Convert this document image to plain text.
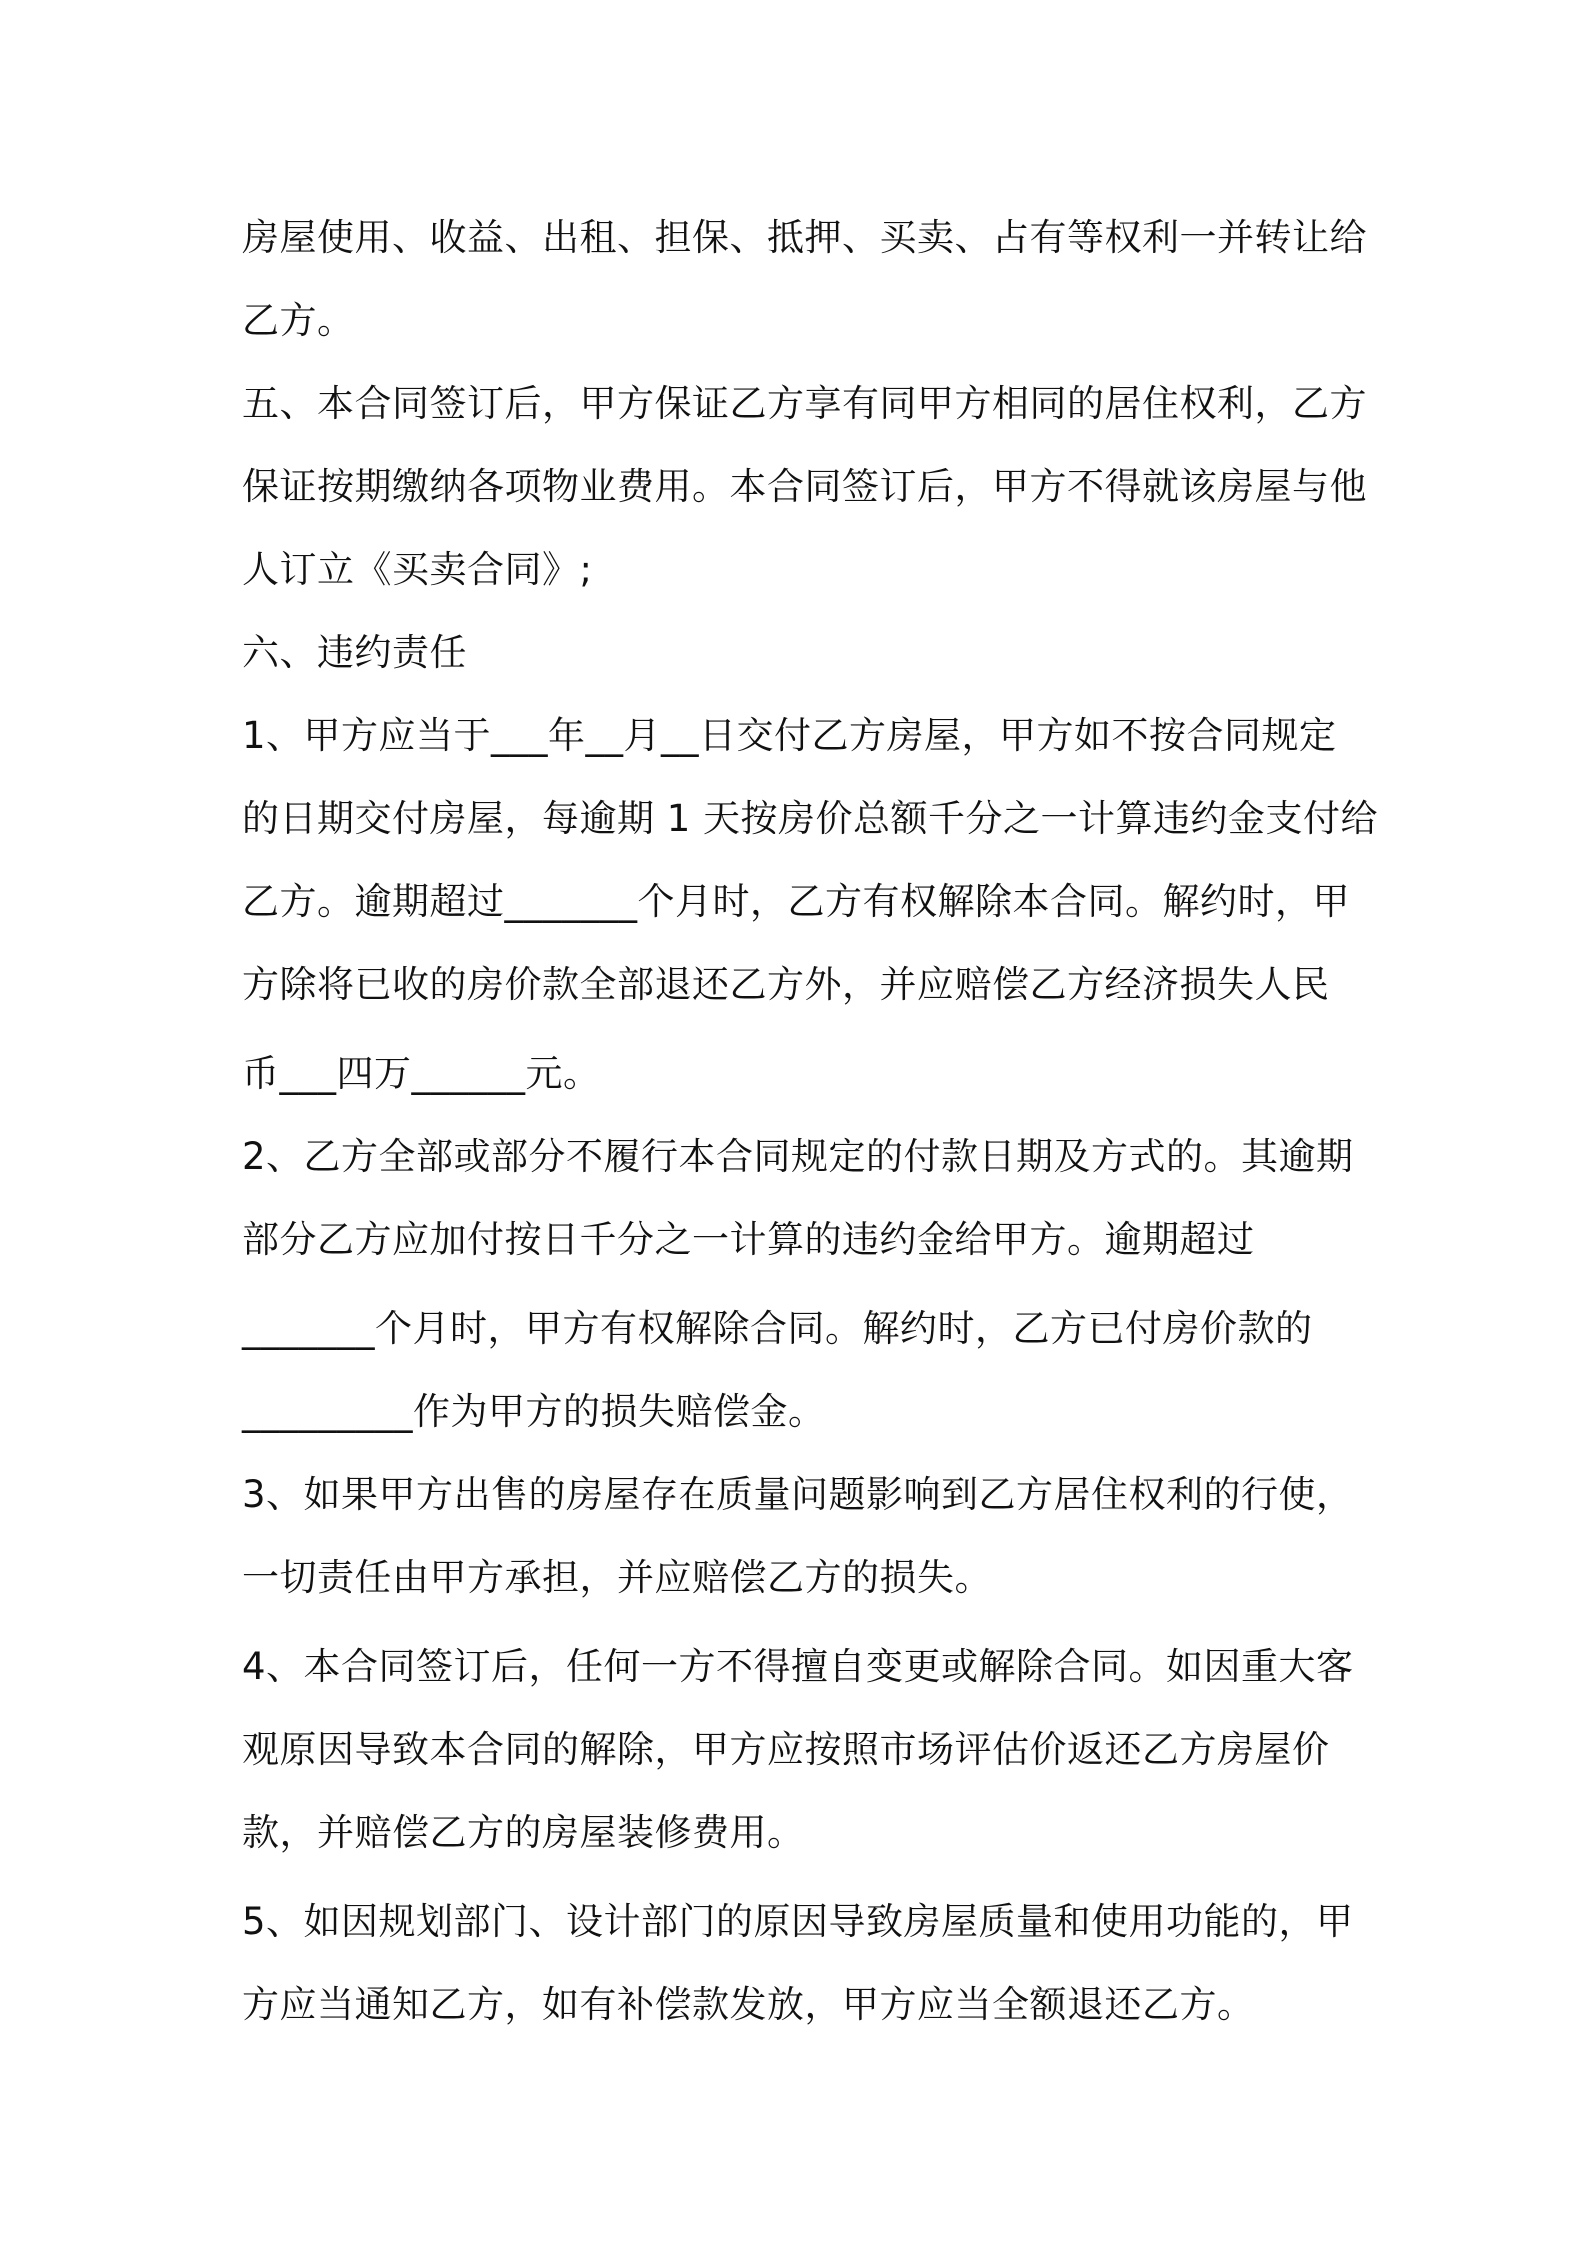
房屋使用、收益、出租、担保、抵押、买卖、占有等权利一并转让给
乙方。
五、本合同签订后，甲方保证乙方享有同甲方相同的居住权利，乙方
保证按期缴纳各项物业费用。本合同签订后，甲方不得就该房屋与他
人订立《买卖合同》;
六、违约责任
1、甲方应当于___年__月__日交付乙方房屋，甲方如不按合同规定
的日期交付房屋，每逾期 1 天按房价总额千分之一计算违约金支付给
乙方。逾期超过_______个月时，乙方有权解除本合同。解约时，甲
方除将已收的房价款全部退还乙方外，并应赔偿乙方经济损失人民
币___四万______元。
2、乙方全部或部分不履行本合同规定的付款日期及方式的。其逾期
部分乙方应加付按日千分之一计算的违约金给甲方。逾期超过
_______个月时，甲方有权解除合同。解约时，乙方已付房价款的
_________作为甲方的损失赔偿金。
3、如果甲方出售的房屋存在质量问题影响到乙方居住权利的行使，
一切责任由甲方承担，并应赔偿乙方的损失。
4、本合同签订后，任何一方不得擅自变更或解除合同。如因重大客
观原因导致本合同的解除，甲方应按照市场评估价返还乙方房屋价
款，并赔偿乙方的房屋装修费用。
5、如因规划部门、设计部门的原因导致房屋质量和使用功能的，甲
方应当通知乙方，如有补偿款发放，甲方应当全额退还乙方。
